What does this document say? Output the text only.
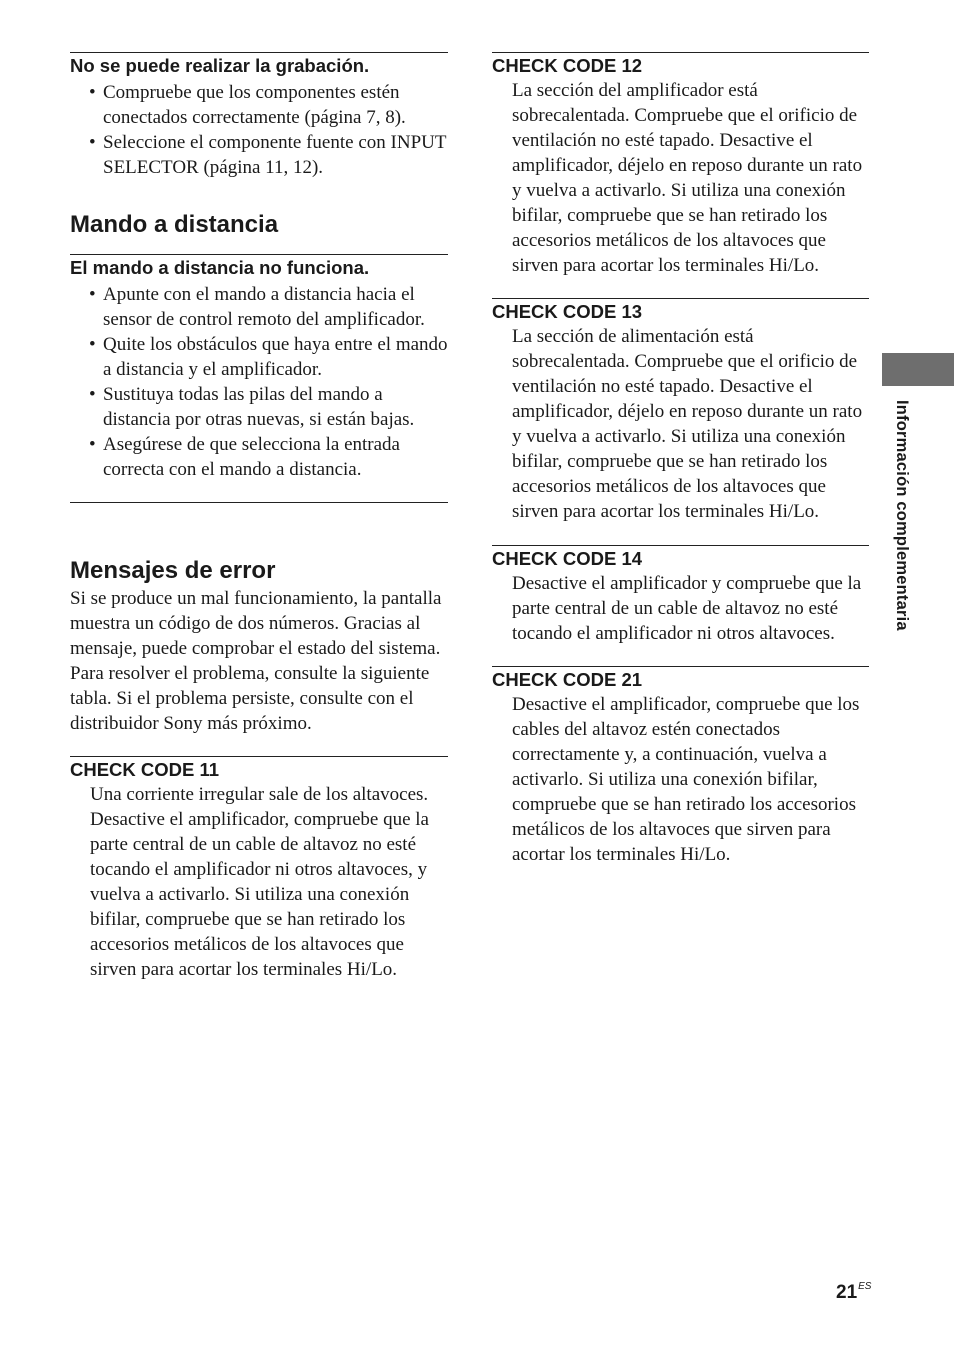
No se puede realizar la grabación.
• Compruebe que los componentes estén conectados correctamente (página 7, 8).
• Seleccione el componente fuente con INPUT SELECTOR (página 11, 12).
Mando a distancia
El mando a distancia no funciona.
• Apunte con el mando a distancia hacia el sensor de control remoto del amplificador.
• Quite los obstáculos que haya entre el mando a distancia y el amplificador.
• Sustituya todas las pilas del mando a distancia por otras nuevas, si están bajas.
• Asegúrese de que selecciona la entrada correcta con el mando a distancia.
Mensajes de error

Si se produce un mal funcionamiento, la pantalla muestra un código de dos números. Gracias al mensaje, puede comprobar el estado del sistema. Para resolver el problema, consulte la siguiente tabla. Si el problema persiste, consulte con el distribuidor Sony más próximo.

CHECK CODE 11

Una corriente irregular sale de los altavoces. Desactive el amplificador, compruebe que la parte central de un cable de altavoz no esté tocando el amplificador ni otros altavoces, y vuelva a activarlo. Si utiliza una conexión bifilar, compruebe que se han retirado los accesorios metálicos de los altavoces que sirven para acortar los terminales Hi/Lo.

CHECK CODE 12

La sección del amplificador está sobrecalentada. Compruebe que el orificio de ventilación no esté tapado. Desactive el amplificador, déjelo en reposo durante un rato y vuelva a activarlo. Si utiliza una conexión bifilar, compruebe que se han retirado los accesorios metálicos de los altavoces que sirven para acortar los terminales Hi/Lo.

CHECK CODE 13

La sección de alimentación está sobrecalentada. Compruebe que el orificio de ventilación no esté tapado. Desactive el amplificador, déjelo en reposo durante un rato y vuelva a activarlo. Si utiliza una conexión bifilar, compruebe que se han retirado los accesorios metálicos de los altavoces que sirven para acortar los terminales Hi/Lo.

CHECK CODE 14

Desactive el amplificador y compruebe que la parte central de un cable de altavoz no esté tocando el amplificador ni otros altavoces.

CHECK CODE 21

Desactive el amplificador, compruebe que los cables del altavoz estén conectados correctamente y, a continuación, vuelva a activarlo. Si utiliza una conexión bifilar, compruebe que se han retirado los accesorios metálicos de los altavoces que sirven para acortar los terminales Hi/Lo.

Información complementaria
$21^{ES}$
